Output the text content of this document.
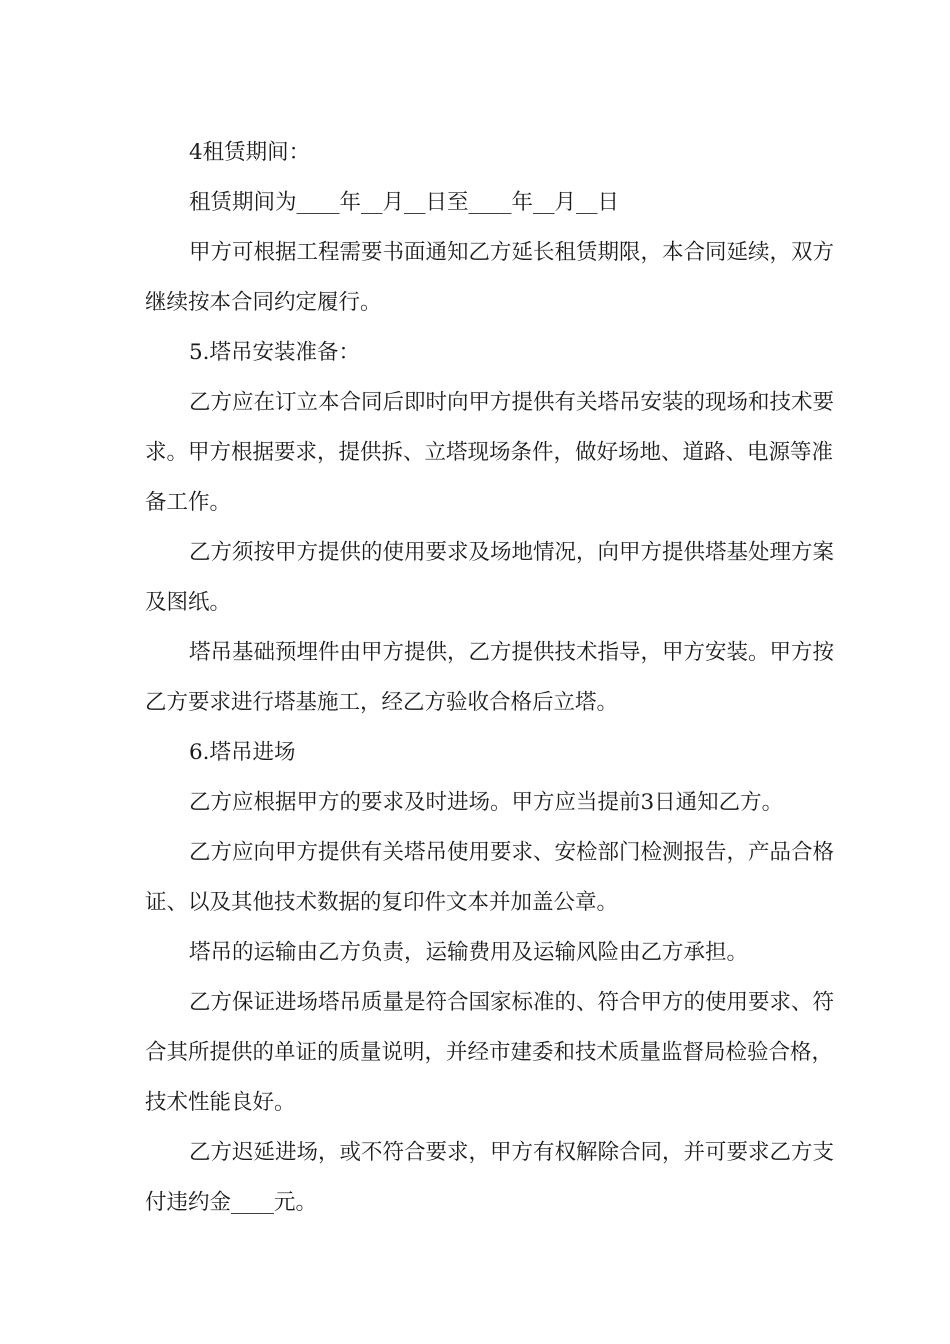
4租赁期间：

租赁期间为____年__月__日至____年__月__日

甲方可根据工程需要书面通知乙方延长租赁期限，本合同延续，双方继续按本合同约定履行。

5.塔吊安装准备：

乙方应在订立本合同后即时向甲方提供有关塔吊安装的现场和技术要求。甲方根据要求，提供拆、立塔现场条件，做好场地、道路、电源等准备工作。

乙方须按甲方提供的使用要求及场地情况，向甲方提供塔基处理方案及图纸。

塔吊基础预埋件由甲方提供，乙方提供技术指导，甲方安装。甲方按乙方要求进行塔基施工，经乙方验收合格后立塔。

6.塔吊进场

乙方应根据甲方的要求及时进场。甲方应当提前3日通知乙方。

乙方应向甲方提供有关塔吊使用要求、安检部门检测报告，产品合格证、以及其他技术数据的复印件文本并加盖公章。

塔吊的运输由乙方负责，运输费用及运输风险由乙方承担。

乙方保证进场塔吊质量是符合国家标准的、符合甲方的使用要求、符合其所提供的单证的质量说明，并经市建委和技术质量监督局检验合格，技术性能良好。

乙方迟延进场，或不符合要求，甲方有权解除合同，并可要求乙方支付违约金____元。
